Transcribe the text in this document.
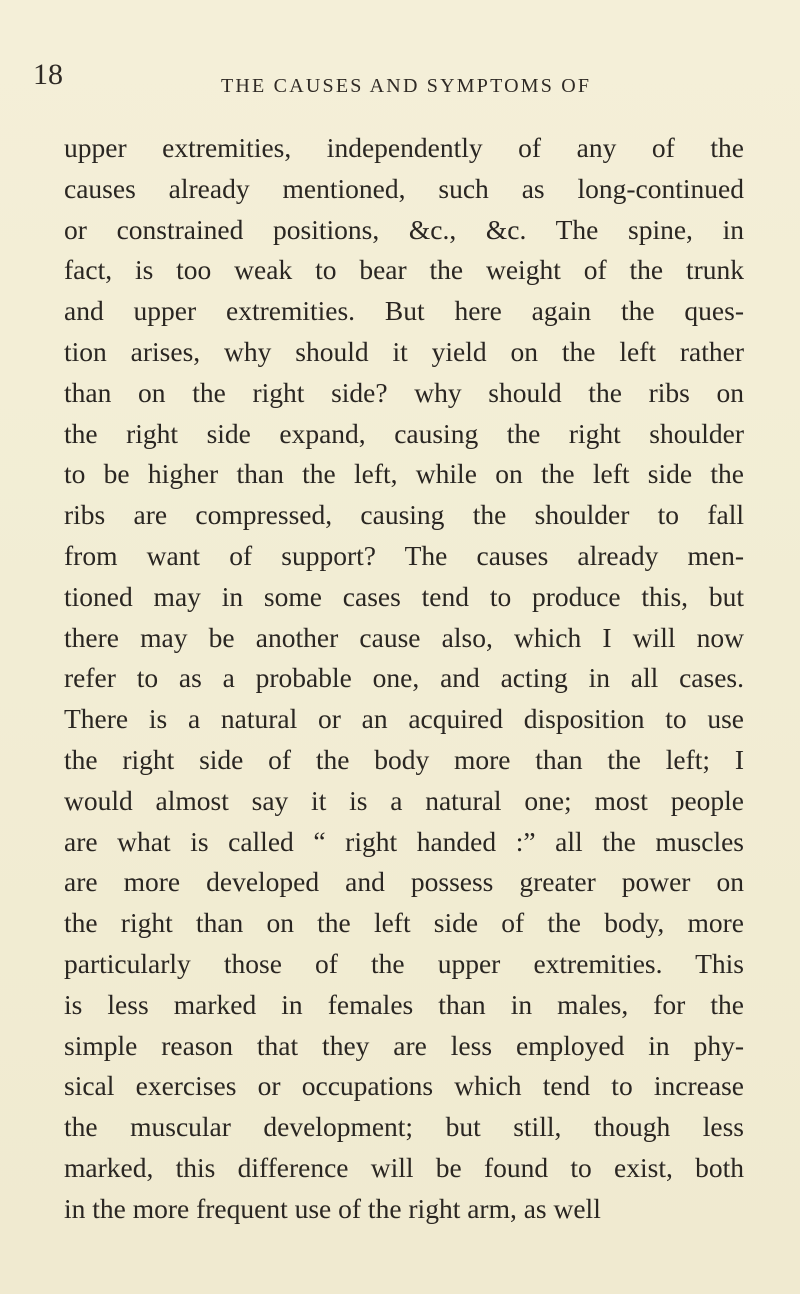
18	THE CAUSES AND SYMPTOMS OF
upper extremities, independently of any of the
causes already mentioned, such as long-continued
or constrained positions, &c., &c. The spine, in
fact, is too weak to bear the weight of the trunk
and upper extremities. But here again the ques-
tion arises, why should it yield on the left rather
than on the right side? why should the ribs on
the right side expand, causing the right shoulder
to be higher than the left, while on the left side the
ribs are compressed, causing the shoulder to fall
from want of support? The causes already men-
tioned may in some cases tend to produce this, but
there may be another cause also, which I will now
refer to as a probable one, and acting in all cases.
There is a natural or an acquired disposition to use
the right side of the body more than the left; I
would almost say it is a natural one; most people
are what is called “ right handed :” all the muscles
are more developed and possess greater power on
the right than on the left side of the body, more
particularly those of the upper extremities. This
is less marked in females than in males, for the
simple reason that they are less employed in phy-
sical exercises or occupations which tend to increase
the muscular development; but still, though less
marked, this difference will be found to exist, both
in the more frequent use of the right arm, as well
